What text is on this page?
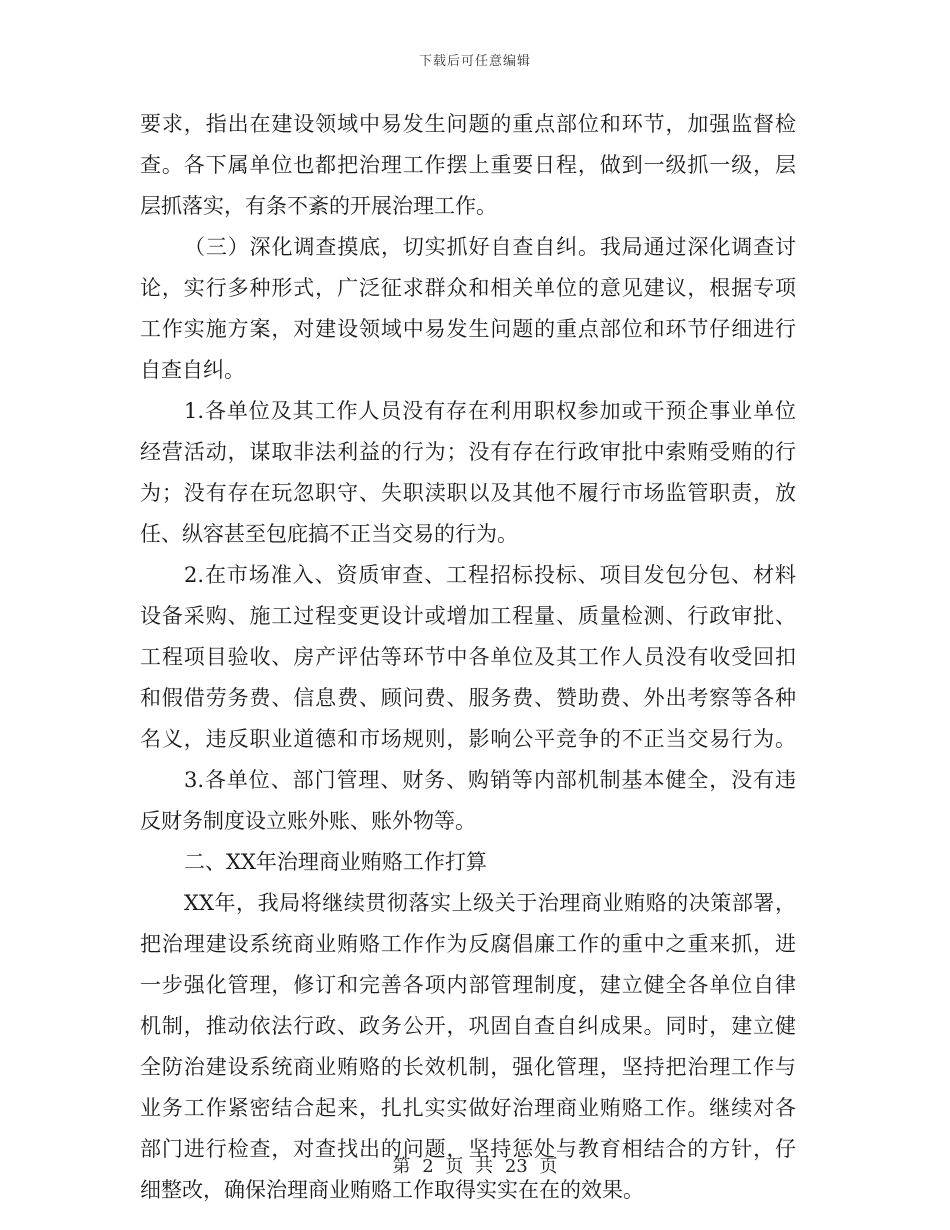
下载后可任意编辑
要求，指出在建设领域中易发生问题的重点部位和环节，加强监督检
查。各下属单位也都把治理工作摆上重要日程，做到一级抓一级，层
层抓落实，有条不紊的开展治理工作。
（三）深化调查摸底，切实抓好自查自纠。我局通过深化调查讨
论，实行多种形式，广泛征求群众和相关单位的意见建议，根据专项
工作实施方案，对建设领域中易发生问题的重点部位和环节仔细进行
自查自纠。
1.各单位及其工作人员没有存在利用职权参加或干预企事业单位
经营活动，谋取非法利益的行为；没有存在行政审批中索贿受贿的行
为；没有存在玩忽职守、失职渎职以及其他不履行市场监管职责，放
任、纵容甚至包庇搞不正当交易的行为。
2.在市场准入、资质审查、工程招标投标、项目发包分包、材料
设备采购、施工过程变更设计或增加工程量、质量检测、行政审批、
工程项目验收、房产评估等环节中各单位及其工作人员没有收受回扣
和假借劳务费、信息费、顾问费、服务费、赞助费、外出考察等各种
名义，违反职业道德和市场规则，影响公平竞争的不正当交易行为。
3.各单位、部门管理、财务、购销等内部机制基本健全，没有违
反财务制度设立账外账、账外物等。
二、XX年治理商业贿赂工作打算
XX年，我局将继续贯彻落实上级关于治理商业贿赂的决策部署，
把治理建设系统商业贿赂工作作为反腐倡廉工作的重中之重来抓，进
一步强化管理，修订和完善各项内部管理制度，建立健全各单位自律
机制，推动依法行政、政务公开，巩固自查自纠成果。同时，建立健
全防治建设系统商业贿赂的长效机制，强化管理，坚持把治理工作与
业务工作紧密结合起来，扎扎实实做好治理商业贿赂工作。继续对各
部门进行检查，对查找出的问题，坚持惩处与教育相结合的方针，仔
细整改，确保治理商业贿赂工作取得实实在在的效果。
第 2 页 共 23 页
